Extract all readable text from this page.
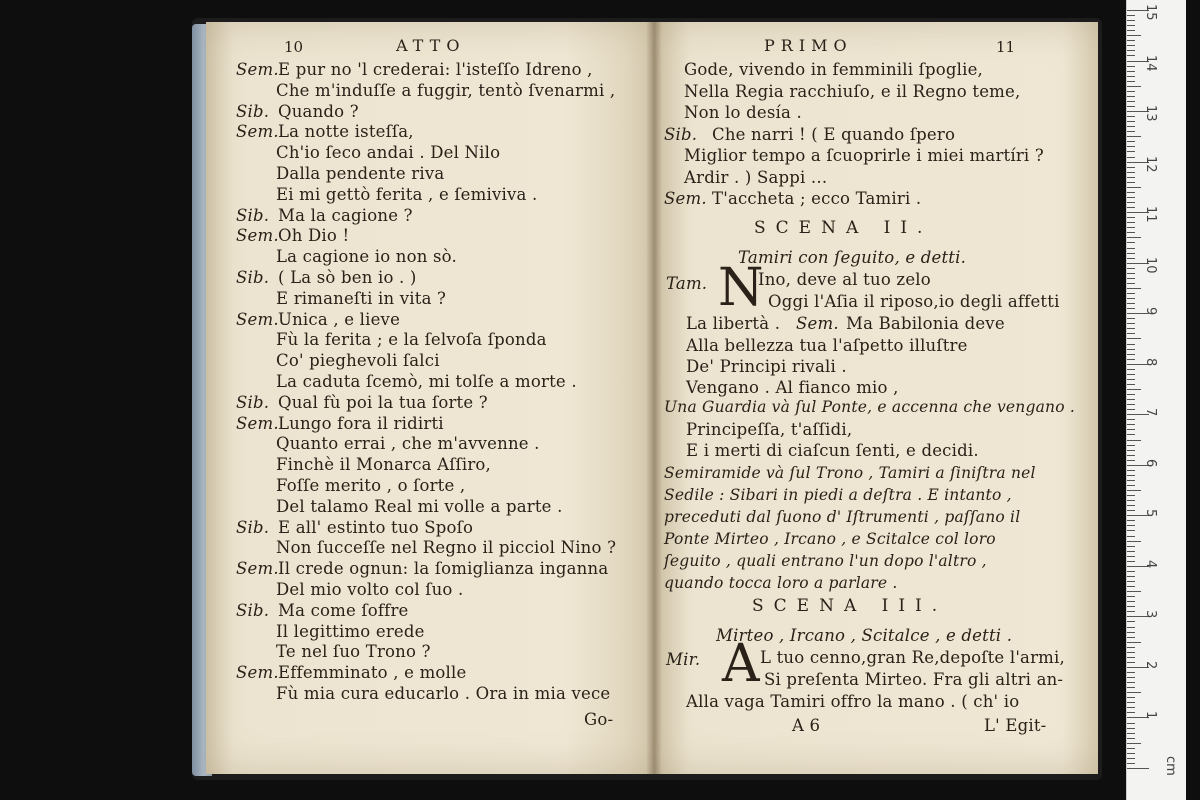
10	ATTO
Sem. E pur no 'l crederai: l'isteſſo Idreno ,
Che m'induſſe a fuggir, tentò ſvenarmi ,
Sib. Quando ?
Sem. La notte isteſſa,
Ch'io ſeco andai . Del Nilo
Dalla pendente riva
Ei mi gettò ferita , e ſemiviva .
Sib. Ma la cagione ?
Sem. Oh Dio !
La cagione io non sò.
Sib. ( La sò ben io . )
E rimaneſti in vita ?
Sem. Unica , e lieve
Fù la ferita ; e la ſelvoſa ſponda
Co' pieghevoli ſalci
La caduta ſcemò, mi tolſe a morte .
Sib. Qual fù poi la tua ſorte ?
Sem. Lungo fora il ridirti
Quanto errai , che m'avvenne .
Finchè il Monarca Aſſiro,
Foſſe merito , o ſorte ,
Del talamo Real mi volle a parte .
Sib. E all' estinto tuo Spoſo
Non ſucceſſe nel Regno il picciol Nino ?
Sem. Il crede ognun: la ſomiglianza inganna
Del mio volto col ſuo .
Sib. Ma come ſoffre
Il legittimo erede
Te nel ſuo Trono ?
Sem. Effemminato , e molle
Fù mia cura educarlo . Ora in mia vece
Go-
PRIMO	11
Gode, vivendo in femminili ſpoglie,
Nella Regia racchiuſo, e il Regno teme,
Non lo desía .
Sib. Che narri ! ( E quando ſpero
Miglior tempo a ſcuoprirle i miei martíri ?
Ardir . ) Sappi ...
Sem. T'accheta ; ecco Tamiri .
SCENA II.
Tamiri con ſeguito, e detti.
Tam. N
Ino, deve al tuo zelo
Oggi l'Aſia il riposo,io degli affetti
La libertà . Sem. Ma Babilonia deve
Alla bellezza tua l'aſpetto illuſtre
De' Principi rivali .
Vengano . Al fianco mio ,
Una Guardia và ſul Ponte, e accenna che vengano .
Principeſſa, t'aſſidi,
E i merti di ciaſcun ſenti, e decidi.
Semiramide và ſul Trono , Tamiri a ſiniſtra nel
Sedile : Sibari in piedi a deſtra . E intanto ,
preceduti dal ſuono d' Iſtrumenti , paſſano il
Ponte Mirteo , Ircano , e Scitalce col loro
ſeguito , quali entrano l'un dopo l'altro ,
quando tocca loro a parlare .
SCENA III.
Mirteo , Ircano , Scitalce , e detti .
Mir. A L tuo cenno,gran Re,depoſte l'armi,
Si preſenta Mirteo. Fra gli altri an-
Alla vaga Tamiri offro la mano . ( ch' io
A 6	L' Egit-
15
14
13
12
11
10
9
8
7
6
5
4
3
2
1
cm
